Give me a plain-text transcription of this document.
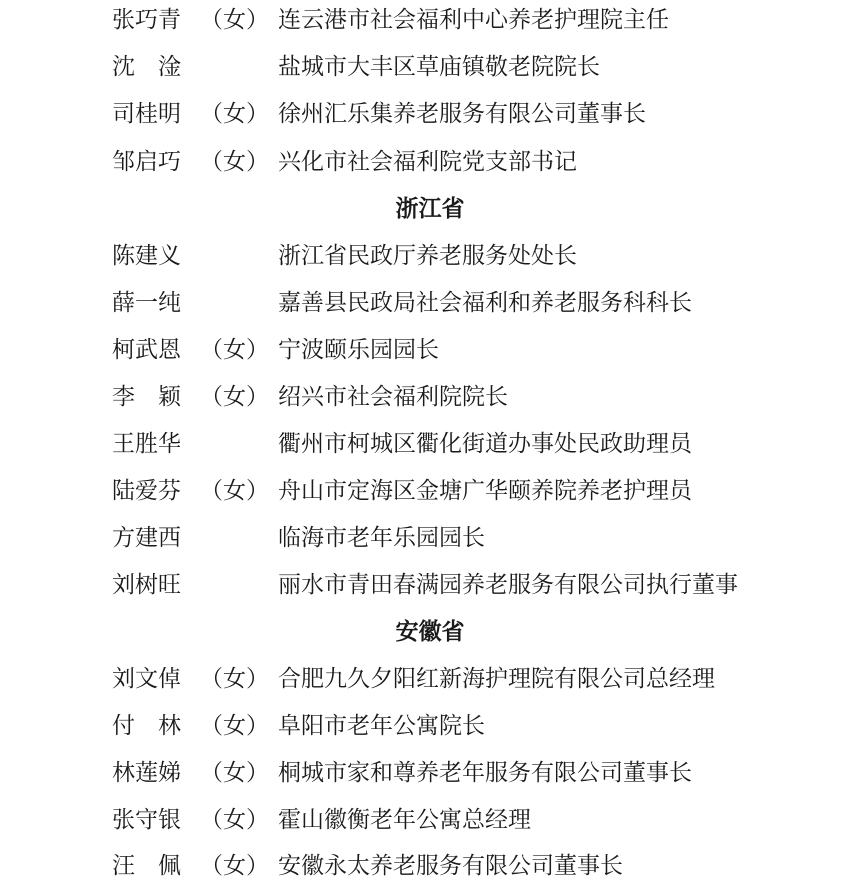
张巧青 （女） 连云港市社会福利中心养老护理院主任
沈　淦	盐城市大丰区草庙镇敬老院院长
司桂明 （女） 徐州汇乐集养老服务有限公司董事长
邹启巧 （女） 兴化市社会福利院党支部书记
浙江省
陈建义	浙江省民政厅养老服务处处长
薛一纯	嘉善县民政局社会福利和养老服务科科长
柯武恩 （女） 宁波颐乐园园长
李　颖 （女） 绍兴市社会福利院院长
王胜华	衢州市柯城区衢化街道办事处民政助理员
陆爱芬 （女） 舟山市定海区金塘广华颐养院养老护理员
方建西	临海市老年乐园园长
刘树旺	丽水市青田春满园养老服务有限公司执行董事
安徽省
刘文倬 （女） 合肥九久夕阳红新海护理院有限公司总经理
付　林 （女） 阜阳市老年公寓院长
林莲娣 （女） 桐城市家和尊养老年服务有限公司董事长
张守银 （女） 霍山徽衡老年公寓总经理
汪　佩 （女） 安徽永太养老服务有限公司董事长
